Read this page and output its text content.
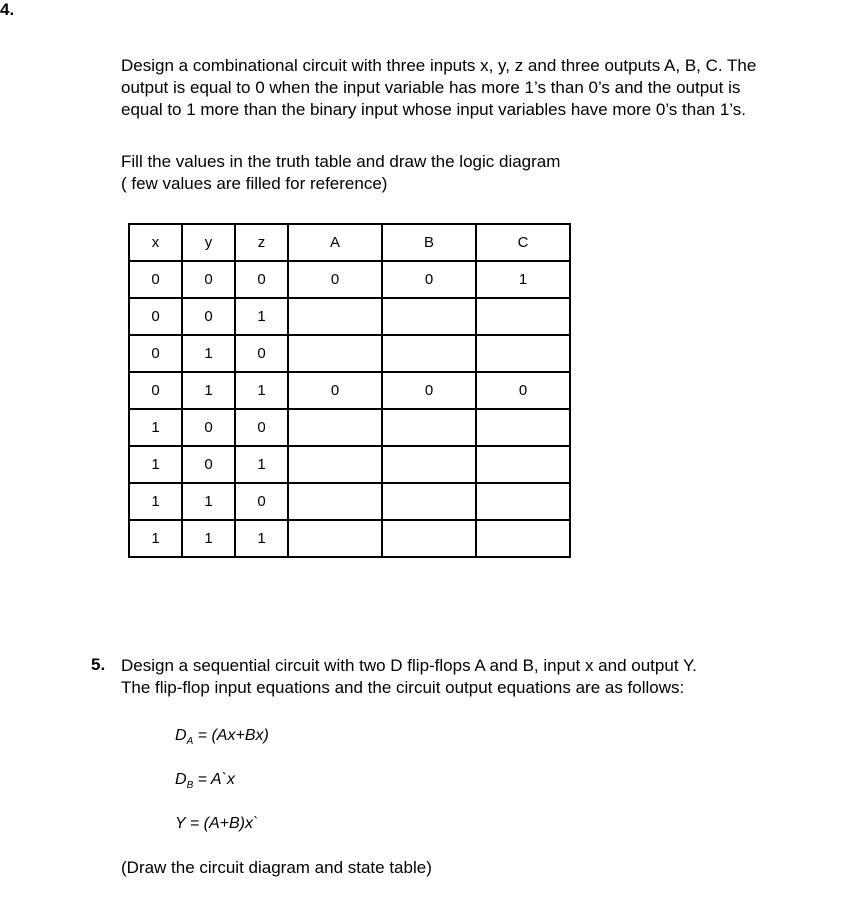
4.
Design a combinational circuit with three inputs x, y, z and three outputs A, B, C. The
output is equal to 0 when the input variable has more 1’s than 0’s and the output is
equal to 1 more than the binary input whose input variables have more 0’s than 1’s.
Fill the values in the truth table and draw the logic diagram
( few values are filled for reference)
x	y	z	A	B	C
0	0	0	0	0	1
0	0	1			
0	1	0			
0	1	1	0	0	0
1	0	0			
1	0	1			
1	1	0			
1	1	1			
5. Design a sequential circuit with two D flip-flops A and B, input x and output Y.
The flip-flop input equations and the circuit output equations are as follows:
$D_A = (Ax+Bx)$
$D_B$ = A`x
Y = (A+B)x`
(Draw the circuit diagram and state table)
